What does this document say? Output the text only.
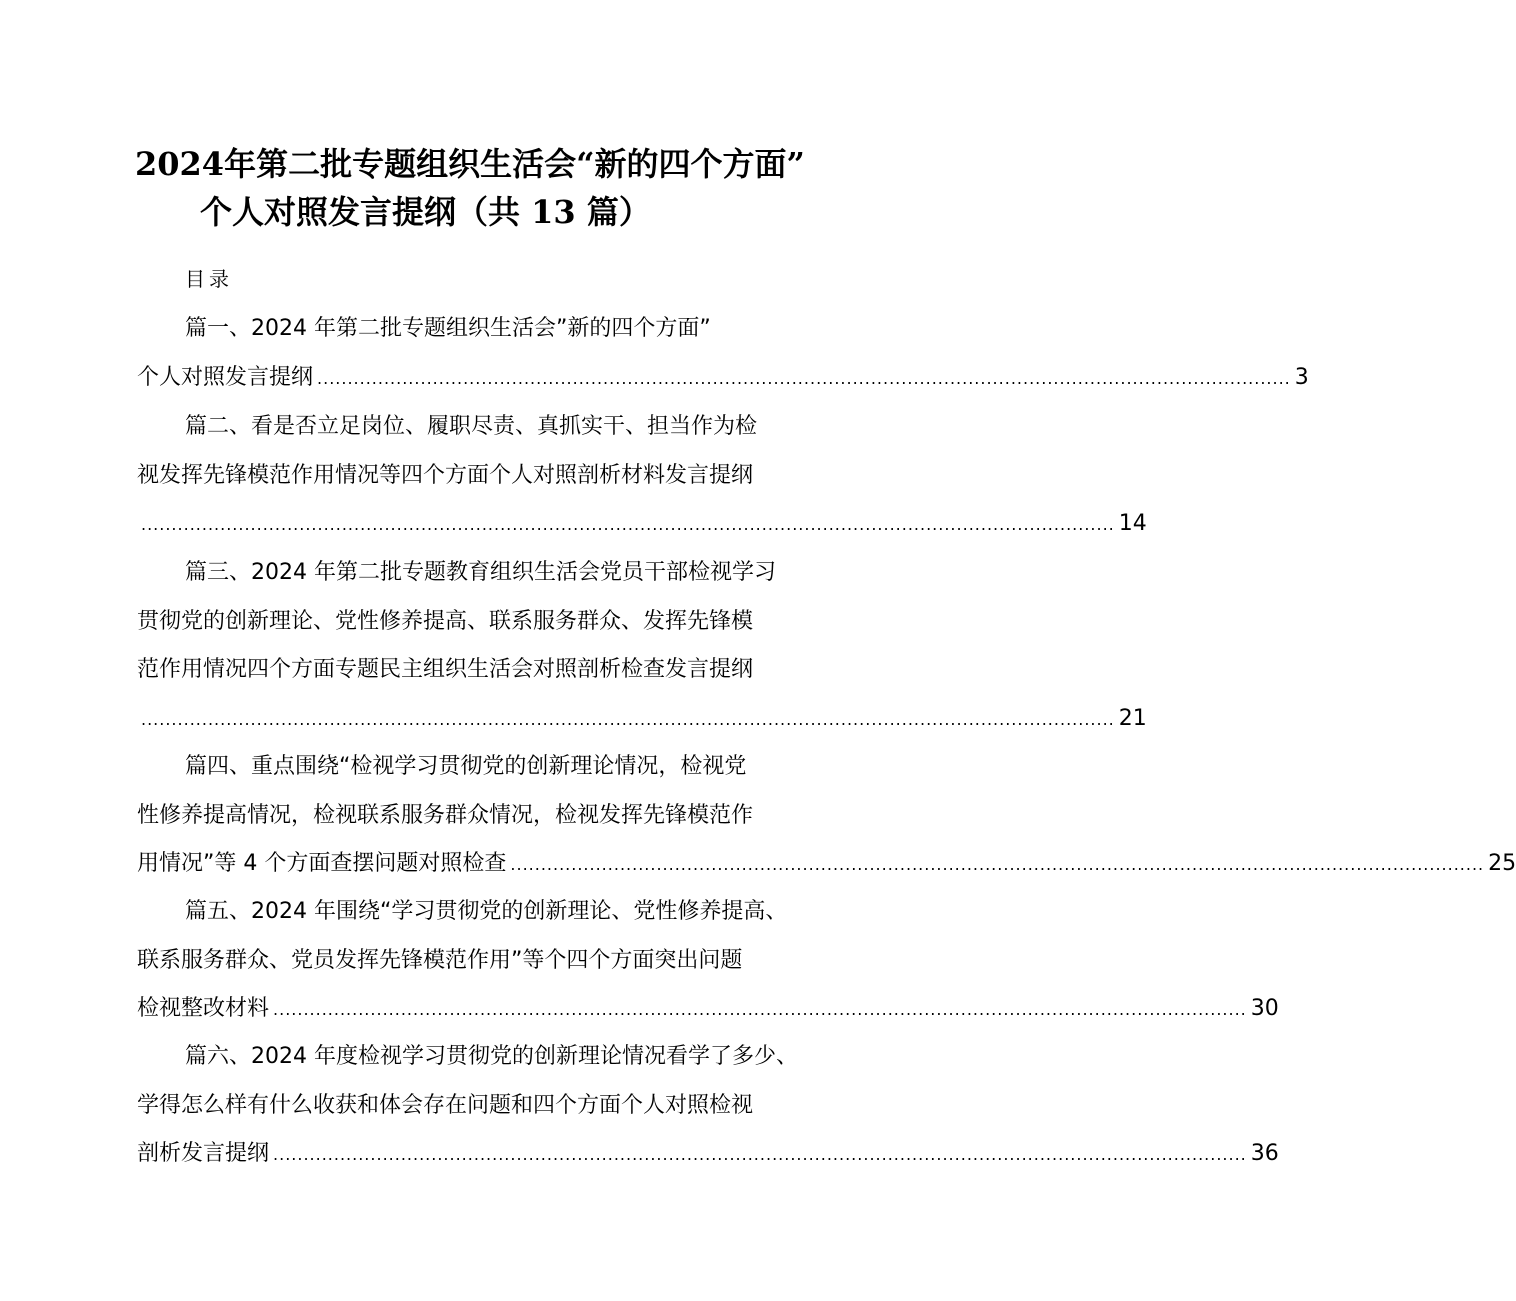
2024年第二批专题组织生活会“新的四个方面”
个人对照发言提纲（共 13 篇）
目录
篇一、2024 年第二批专题组织生活会”新的四个方面”
个人对照发言提纲 ................................................................................................................................................................ 3
篇二、看是否立足岗位、履职尽责、真抓实干、担当作为检
视发挥先锋模范作用情况等四个方面个人对照剖析材料发言提纲
................................................................................................................................................................ 14
篇三、2024 年第二批专题教育组织生活会党员干部检视学习
贯彻党的创新理论、党性修养提高、联系服务群众、发挥先锋模
范作用情况四个方面专题民主组织生活会对照剖析检查发言提纲
................................................................................................................................................................ 21
篇四、重点围绕“检视学习贯彻党的创新理论情况，检视党
性修养提高情况，检视联系服务群众情况，检视发挥先锋模范作
用情况”等 4 个方面查摆问题对照检查 ................................................................................................................................................................ 25
篇五、2024 年围绕“学习贯彻党的创新理论、党性修养提高、
联系服务群众、党员发挥先锋模范作用”等个四个方面突出问题
检视整改材料 ................................................................................................................................................................ 30
篇六、2024 年度检视学习贯彻党的创新理论情况看学了多少、
学得怎么样有什么收获和体会存在问题和四个方面个人对照检视
剖析发言提纲 ................................................................................................................................................................ 36
